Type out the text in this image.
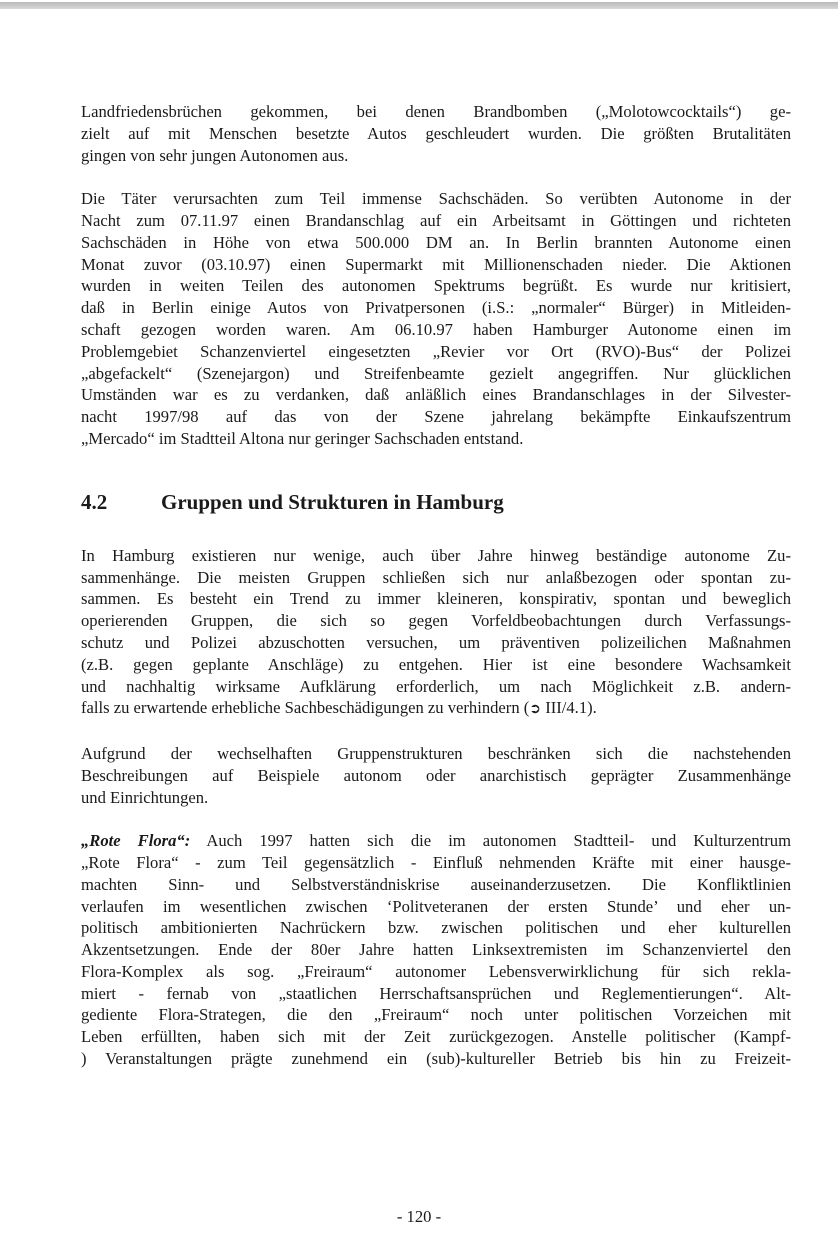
Landfriedensbrüchen gekommen, bei denen Brandbomben („Molotowcocktails“) ge-
zielt auf mit Menschen besetzte Autos geschleudert wurden. Die größten Brutalitäten
gingen von sehr jungen Autonomen aus.

Die Täter verursachten zum Teil immense Sachschäden. So verübten Autonome in der
Nacht zum 07.11.97 einen Brandanschlag auf ein Arbeitsamt in Göttingen und richteten
Sachschäden in Höhe von etwa 500.000 DM an. In Berlin brannten Autonome einen
Monat zuvor (03.10.97) einen Supermarkt mit Millionenschaden nieder. Die Aktionen
wurden in weiten Teilen des autonomen Spektrums begrüßt. Es wurde nur kritisiert,
daß in Berlin einige Autos von Privatpersonen (i.S.: „normaler“ Bürger) in Mitleiden-
schaft gezogen worden waren. Am 06.10.97 haben Hamburger Autonome einen im
Problemgebiet Schanzenviertel eingesetzten „Revier vor Ort (RVO)-Bus“ der Polizei
„abgefackelt“ (Szenejargon) und Streifenbeamte gezielt angegriffen. Nur glücklichen
Umständen war es zu verdanken, daß anläßlich eines Brandanschlages in der Silvester-
nacht 1997/98 auf das von der Szene jahrelang bekämpfte Einkaufszentrum
„Mercado“ im Stadtteil Altona nur geringer Sachschaden entstand.

4.2	Gruppen und Strukturen in Hamburg

In Hamburg existieren nur wenige, auch über Jahre hinweg beständige autonome Zu-
sammenhänge. Die meisten Gruppen schließen sich nur anlaßbezogen oder spontan zu-
sammen. Es besteht ein Trend zu immer kleineren, konspirativ, spontan und beweglich
operierenden Gruppen, die sich so gegen Vorfeldbeobachtungen durch Verfassungs-
schutz und Polizei abzuschotten versuchen, um präventiven polizeilichen Maßnahmen
(z.B. gegen geplante Anschläge) zu entgehen. Hier ist eine besondere Wachsamkeit
und nachhaltig wirksame Aufklärung erforderlich, um nach Möglichkeit z.B. andern-
falls zu erwartende erhebliche Sachbeschädigungen zu verhindern (➲ III/4.1).

Aufgrund der wechselhaften Gruppenstrukturen beschränken sich die nachstehenden
Beschreibungen auf Beispiele autonom oder anarchistisch geprägter Zusammenhänge
und Einrichtungen.

„Rote Flora“: Auch 1997 hatten sich die im autonomen Stadtteil- und Kulturzentrum
„Rote Flora“ - zum Teil gegensätzlich - Einfluß nehmenden Kräfte mit einer hausge-
machten Sinn- und Selbstverständniskrise auseinanderzusetzen. Die Konfliktlinien
verlaufen im wesentlichen zwischen ‘Politveteranen der ersten Stunde’ und eher un-
politisch ambitionierten Nachrückern bzw. zwischen politischen und eher kulturellen
Akzentsetzungen. Ende der 80er Jahre hatten Linksextremisten im Schanzenviertel den
Flora-Komplex als sog. „Freiraum“ autonomer Lebensverwirklichung für sich rekla-
miert - fernab von „staatlichen Herrschaftsansprüchen und Reglementierungen“. Alt-
gediente Flora-Strategen, die den „Freiraum“ noch unter politischen Vorzeichen mit
Leben erfüllten, haben sich mit der Zeit zurückgezogen. Anstelle politischer (Kampf-
) Veranstaltungen prägte zunehmend ein (sub)-kultureller Betrieb bis hin zu Freizeit-

- 120 -
